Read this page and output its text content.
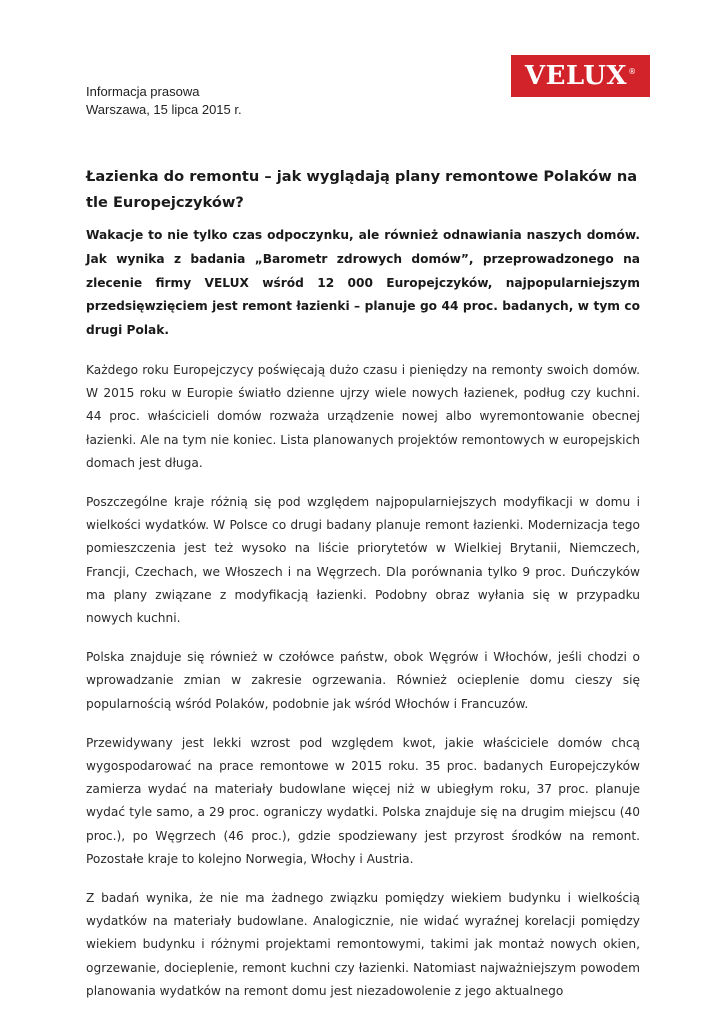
Informacja prasowa
Warszawa, 15 lipca 2015 r.
VELUX ®
Łazienka do remontu – jak wyglądają plany remontowe Polaków na tle Europejczyków?

Wakacje to nie tylko czas odpoczynku, ale również odnawiania naszych domów. Jak wynika z badania „Barometr zdrowych domów”, przeprowadzonego na zlecenie firmy VELUX wśród 12 000 Europejczyków, najpopularniejszym przedsięwzięciem jest remont łazienki – planuje go 44 proc. badanych, w tym co drugi Polak.

Każdego roku Europejczycy poświęcają dużo czasu i pieniędzy na remonty swoich domów. W 2015 roku w Europie światło dzienne ujrzy wiele nowych łazienek, podług czy kuchni. 44 proc. właścicieli domów rozważa urządzenie nowej albo wyremontowanie obecnej łazienki. Ale na tym nie koniec. Lista planowanych projektów remontowych w europejskich domach jest długa.

Poszczególne kraje różnią się pod względem najpopularniejszych modyfikacji w domu i wielkości wydatków. W Polsce co drugi badany planuje remont łazienki. Modernizacja tego pomieszczenia jest też wysoko na liście priorytetów w Wielkiej Brytanii, Niemczech, Francji, Czechach, we Włoszech i na Węgrzech. Dla porównania tylko 9 proc. Duńczyków ma plany związane z modyfikacją łazienki. Podobny obraz wyłania się w przypadku nowych kuchni.

Polska znajduje się również w czołówce państw, obok Węgrów i Włochów, jeśli chodzi o wprowadzanie zmian w zakresie ogrzewania. Również ocieplenie domu cieszy się popularnością wśród Polaków, podobnie jak wśród Włochów i Francuzów.

Przewidywany jest lekki wzrost pod względem kwot, jakie właściciele domów chcą wygospodarować na prace remontowe w 2015 roku. 35 proc. badanych Europejczyków zamierza wydać na materiały budowlane więcej niż w ubiegłym roku, 37 proc. planuje wydać tyle samo, a 29 proc. ograniczy wydatki. Polska znajduje się na drugim miejscu (40 proc.), po Węgrzech (46 proc.), gdzie spodziewany jest przyrost środków na remont. Pozostałe kraje to kolejno Norwegia, Włochy i Austria.

Z badań wynika, że nie ma żadnego związku pomiędzy wiekiem budynku i wielkością wydatków na materiały budowlane. Analogicznie, nie widać wyraźnej korelacji pomiędzy wiekiem budynku i różnymi projektami remontowymi, takimi jak montaż nowych okien, ogrzewanie, docieplenie, remont kuchni czy łazienki. Natomiast najważniejszym powodem planowania wydatków na remont domu jest niezadowolenie z jego aktualnego
